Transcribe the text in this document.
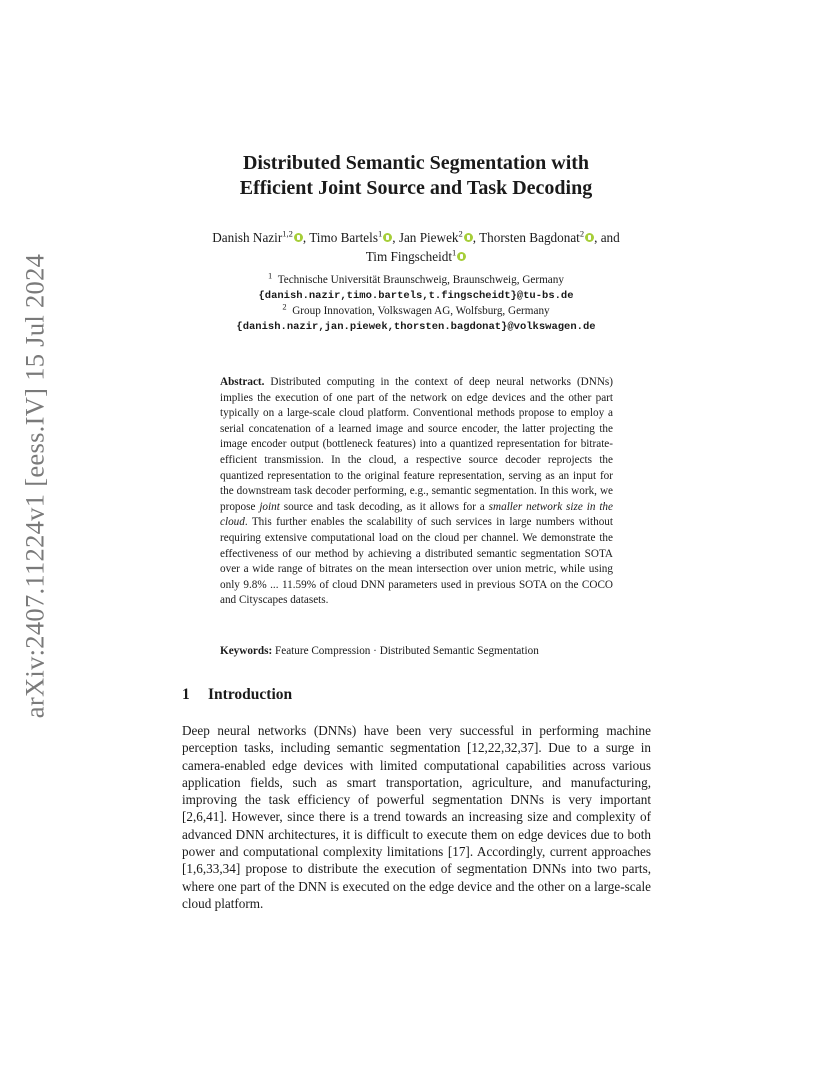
arXiv:2407.11224v1 [eess.IV] 15 Jul 2024
Distributed Semantic Segmentation with
Efficient Joint Source and Task Decoding
Danish Nazir$^{1,2}$ , Timo Bartels$^1$ , Jan Piewek$^2$ , Thorsten Bagdonat$^2$ , and
Tim Fingscheidt$^1$
$^1$ Technische Universität Braunschweig, Braunschweig, Germany
{danish.nazir,timo.bartels,t.fingscheidt}@tu-bs.de
$^2$ Group Innovation, Volkswagen AG, Wolfsburg, Germany
{danish.nazir,jan.piewek,thorsten.bagdonat}@volkswagen.de
Abstract. Distributed computing in the context of deep neural networks (DNNs) implies the execution of one part of the network on edge devices and the other part typically on a large-scale cloud platform. Conventional methods propose to employ a serial concatenation of a learned image and source encoder, the latter projecting the image encoder output (bottleneck features) into a quantized representation for bitrate-efficient transmission. In the cloud, a respective source decoder reprojects the quantized representation to the original feature representation, serving as an input for the downstream task decoder performing, e.g., semantic segmentation. In this work, we propose joint source and task decoding, as it allows for a smaller network size in the cloud. This further enables the scalability of such services in large numbers without requiring extensive computational load on the cloud per channel. We demonstrate the effectiveness of our method by achieving a distributed semantic segmentation SOTA over a wide range of bitrates on the mean intersection over union metric, while using only 9.8% ... 11.59% of cloud DNN parameters used in previous SOTA on the COCO and Cityscapes datasets.
Keywords: Feature Compression · Distributed Semantic Segmentation
1 Introduction
Deep neural networks (DNNs) have been very successful in performing machine perception tasks, including semantic segmentation [12,22,32,37]. Due to a surge in camera-enabled edge devices with limited computational capabilities across various application fields, such as smart transportation, agriculture, and manufacturing, improving the task efficiency of powerful segmentation DNNs is very important [2,6,41]. However, since there is a trend towards an increasing size and complexity of advanced DNN architectures, it is difficult to execute them on edge devices due to both power and computational complexity limitations [17]. Accordingly, current approaches [1,6,33,34] propose to distribute the execution of segmentation DNNs into two parts, where one part of the DNN is executed on the edge device and the other on a large-scale cloud platform.
